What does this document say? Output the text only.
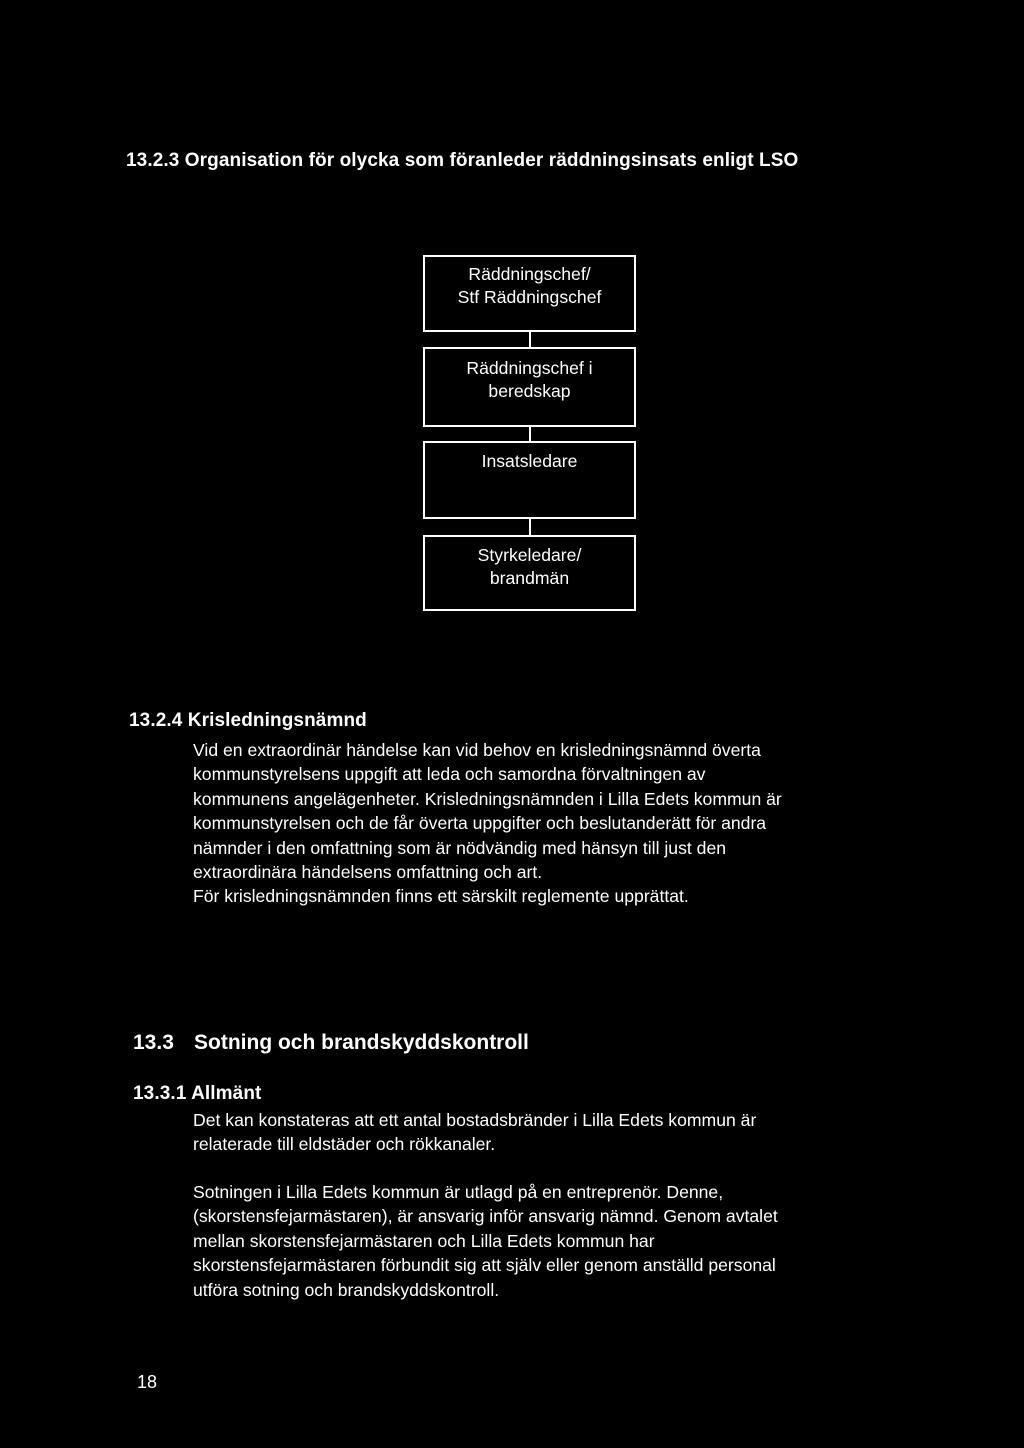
13.2.3 Organisation för olycka som föranleder räddningsinsats enligt LSO
Räddningschef/
Stf Räddningschef
Räddningschef i
beredskap
Insatsledare
Styrkeledare/
brandmän
13.2.4 Krisledningsnämnd

Vid en extraordinär händelse kan vid behov en krisledningsnämnd överta

kommunstyrelsens uppgift att leda och samordna förvaltningen av

kommunens angelägenheter. Krisledningsnämnden i Lilla Edets kommun är

kommunstyrelsen och de får överta uppgifter och beslutanderätt för andra

nämnder i den omfattning som är nödvändig med hänsyn till just den

extraordinära händelsens omfattning och art.

För krisledningsnämnden finns ett särskilt reglemente upprättat.

13.3 Sotning och brandskyddskontroll
13.3.1 Allmänt

Det kan konstateras att ett antal bostadsbränder i Lilla Edets kommun är

relaterade till eldstäder och rökkanaler.

Sotningen i Lilla Edets kommun är utlagd på en entreprenör. Denne,

(skorstensfejarmästaren), är ansvarig inför ansvarig nämnd. Genom avtalet

mellan skorstensfejarmästaren och Lilla Edets kommun har

skorstensfejarmästaren förbundit sig att själv eller genom anställd personal

utföra sotning och brandskyddskontroll.

18
